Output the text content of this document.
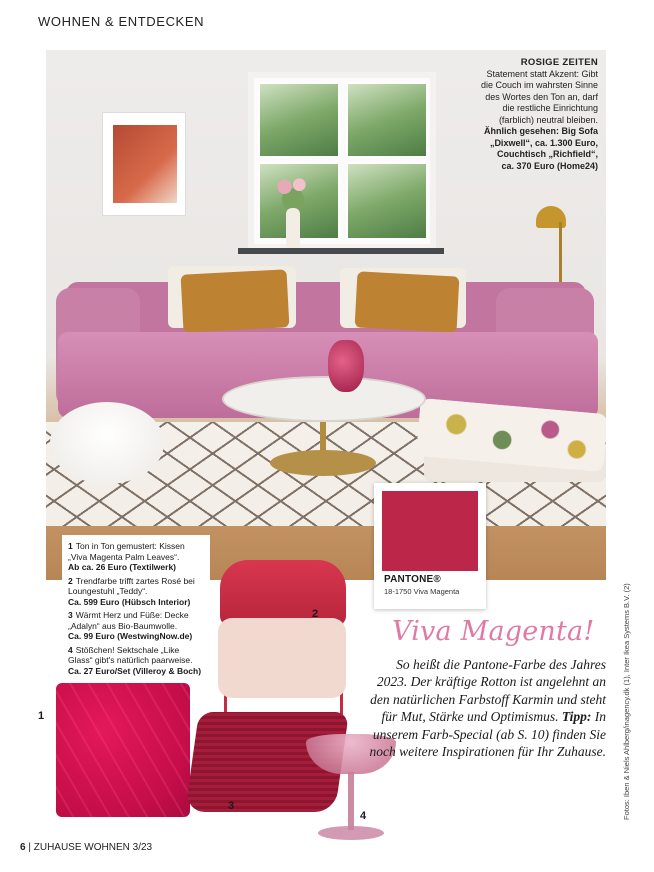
WOHNEN & ENTDECKEN
ROSIGE ZEITEN
Statement statt Akzent: Gibt
die Couch im wahrsten Sinne
des Wortes den Ton an, darf
die restliche Einrichtung
(farblich) neutral bleiben.
Ähnlich gesehen: Big Sofa
„Dixwell“, ca. 1.300 Euro,
Couchtisch „Richfield“,
ca. 370 Euro (Home24)
PANTONE®
18-1750 Viva Magenta
1 Ton in Ton gemustert: Kissen „Viva Magenta Palm Leaves“.
Ab ca. 26 Euro (Textilwerk)
2 Trendfarbe trifft zartes Rosé bei Loungestuhl „Teddy“.
Ca. 599 Euro (Hübsch Interior)
3 Wärmt Herz und Füße: Decke „Adalyn“ aus Bio-Baumwolle.
Ca. 99 Euro (WestwingNow.de)
4 Stößchen! Sektschale „Like Glass“ gibt's natürlich paarweise.
Ca. 27 Euro/Set (Villeroy & Boch)
2
1
3
4
Viva Magenta!
So heißt die Pantone-Farbe des Jahres 2023. Der kräftige Rotton ist angelehnt an den natürlichen Farbstoff Karmin und steht für Mut, Stärke und Optimismus. Tipp: In unserem Farb-Special (ab S. 10) finden Sie noch weitere Inspirationen für Ihr Zuhause. Fotos: Iben & Niels Ahlberg/inagency.dk (1), Inter Ikea Systems B.V. (2)
6 | ZUHAUSE WOHNEN 3/23
